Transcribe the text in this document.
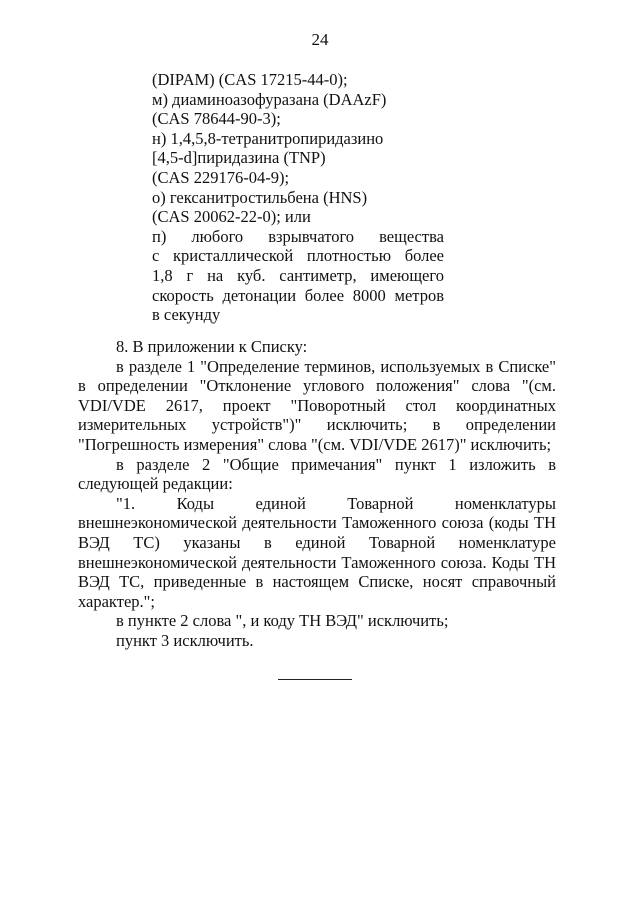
24
(DIPAM) (CAS 17215-44-0);
м) диаминоазофуразана (DAAzF)
(CAS 78644-90-3);
н) 1,4,5,8-тетранитропиридазино
[4,5-d]пиридазина (TNP)
(CAS 229176-04-9);
о) гексанитростильбена (HNS)
(CAS 20062-22-0); или
п) любого взрывчатого вещества
с кристаллической плотностью более
1,8 г на куб. сантиметр, имеющего
скорость детонации более 8000 метров
в секунду

8. В приложении к Списку:

в разделе 1 "Определение терминов, используемых в Списке" в определении "Отклонение углового положения" слова "(см. VDI/VDE 2617, проект "Поворотный стол координатных измерительных устройств")" исключить; в определении "Погрешность измерения" слова "(см. VDI/VDE 2617)" исключить;

в разделе 2 "Общие примечания" пункт 1 изложить в следующей редакции:

"1. Коды единой Товарной номенклатуры внешнеэкономической деятельности Таможенного союза (коды ТН ВЭД ТС) указаны в единой Товарной номенклатуре внешнеэкономической деятельности Таможенного союза. Коды ТН ВЭД ТС, приведенные в настоящем Списке, носят справочный характер.";

в пункте 2 слова ", и коду ТН ВЭД" исключить;

пункт 3 исключить.
